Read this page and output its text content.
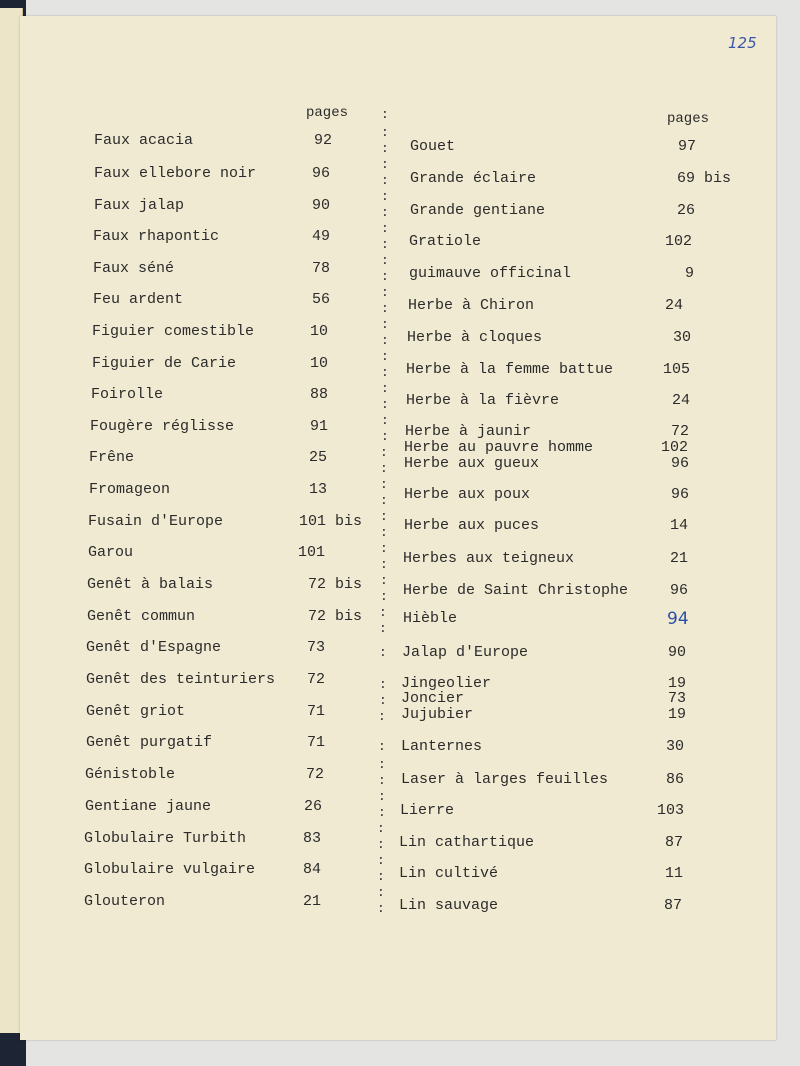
125
pages	pages
Faux acacia	92
Faux ellebore noir	96
Faux jalap	90
Faux rhapontic	49
Faux séné	78
Feu ardent	56
Figuier comestible	10
Figuier de Carie	10
Foirolle	88
Fougère réglisse	91
Frêne	25
Fromageon	13
Fusain d'Europe	101 bis
Garou	101
Genêt à balais	72 bis
Genêt commun	72 bis
Genêt d'Espagne	73
Genêt des teinturiers 72
Genêt griot	71
Genêt purgatif	71
Génistoble	72
Gentiane jaune	26
Globulaire Turbith	83
Globulaire vulgaire	84
Glouteron	21
:
:
:
:
:
:
:
:
:
:
:
:
:
:
:
:
:
:
:
:
:
:
:
:
:
:
:
:
:
:
:
:
:
:
:
:
:
:
:
:
:
:
:
:
:
:
:
:
Gouet	97
Grande éclaire	69 bis
Grande gentiane	26
Gratiole	102
guimauve officinal	9
Herbe à Chiron	24
Herbe à cloques	30
Herbe à la femme battue	105
Herbe à la fièvre	24
Herbe à jaunir	72
Herbe au pauvre homme	102
Herbe aux gueux	96
Herbe aux poux	96
Herbe aux puces	14
Herbes aux teigneux	21
Herbe de Saint Christophe	96
Hièble	94
Jalap d'Europe	90
Jingeolier	19
Joncier	73
Jujubier	19
Lanternes	30
Laser à larges feuilles	86
Lierre	103
Lin cathartique	87
Lin cultivé	11
Lin sauvage	87
